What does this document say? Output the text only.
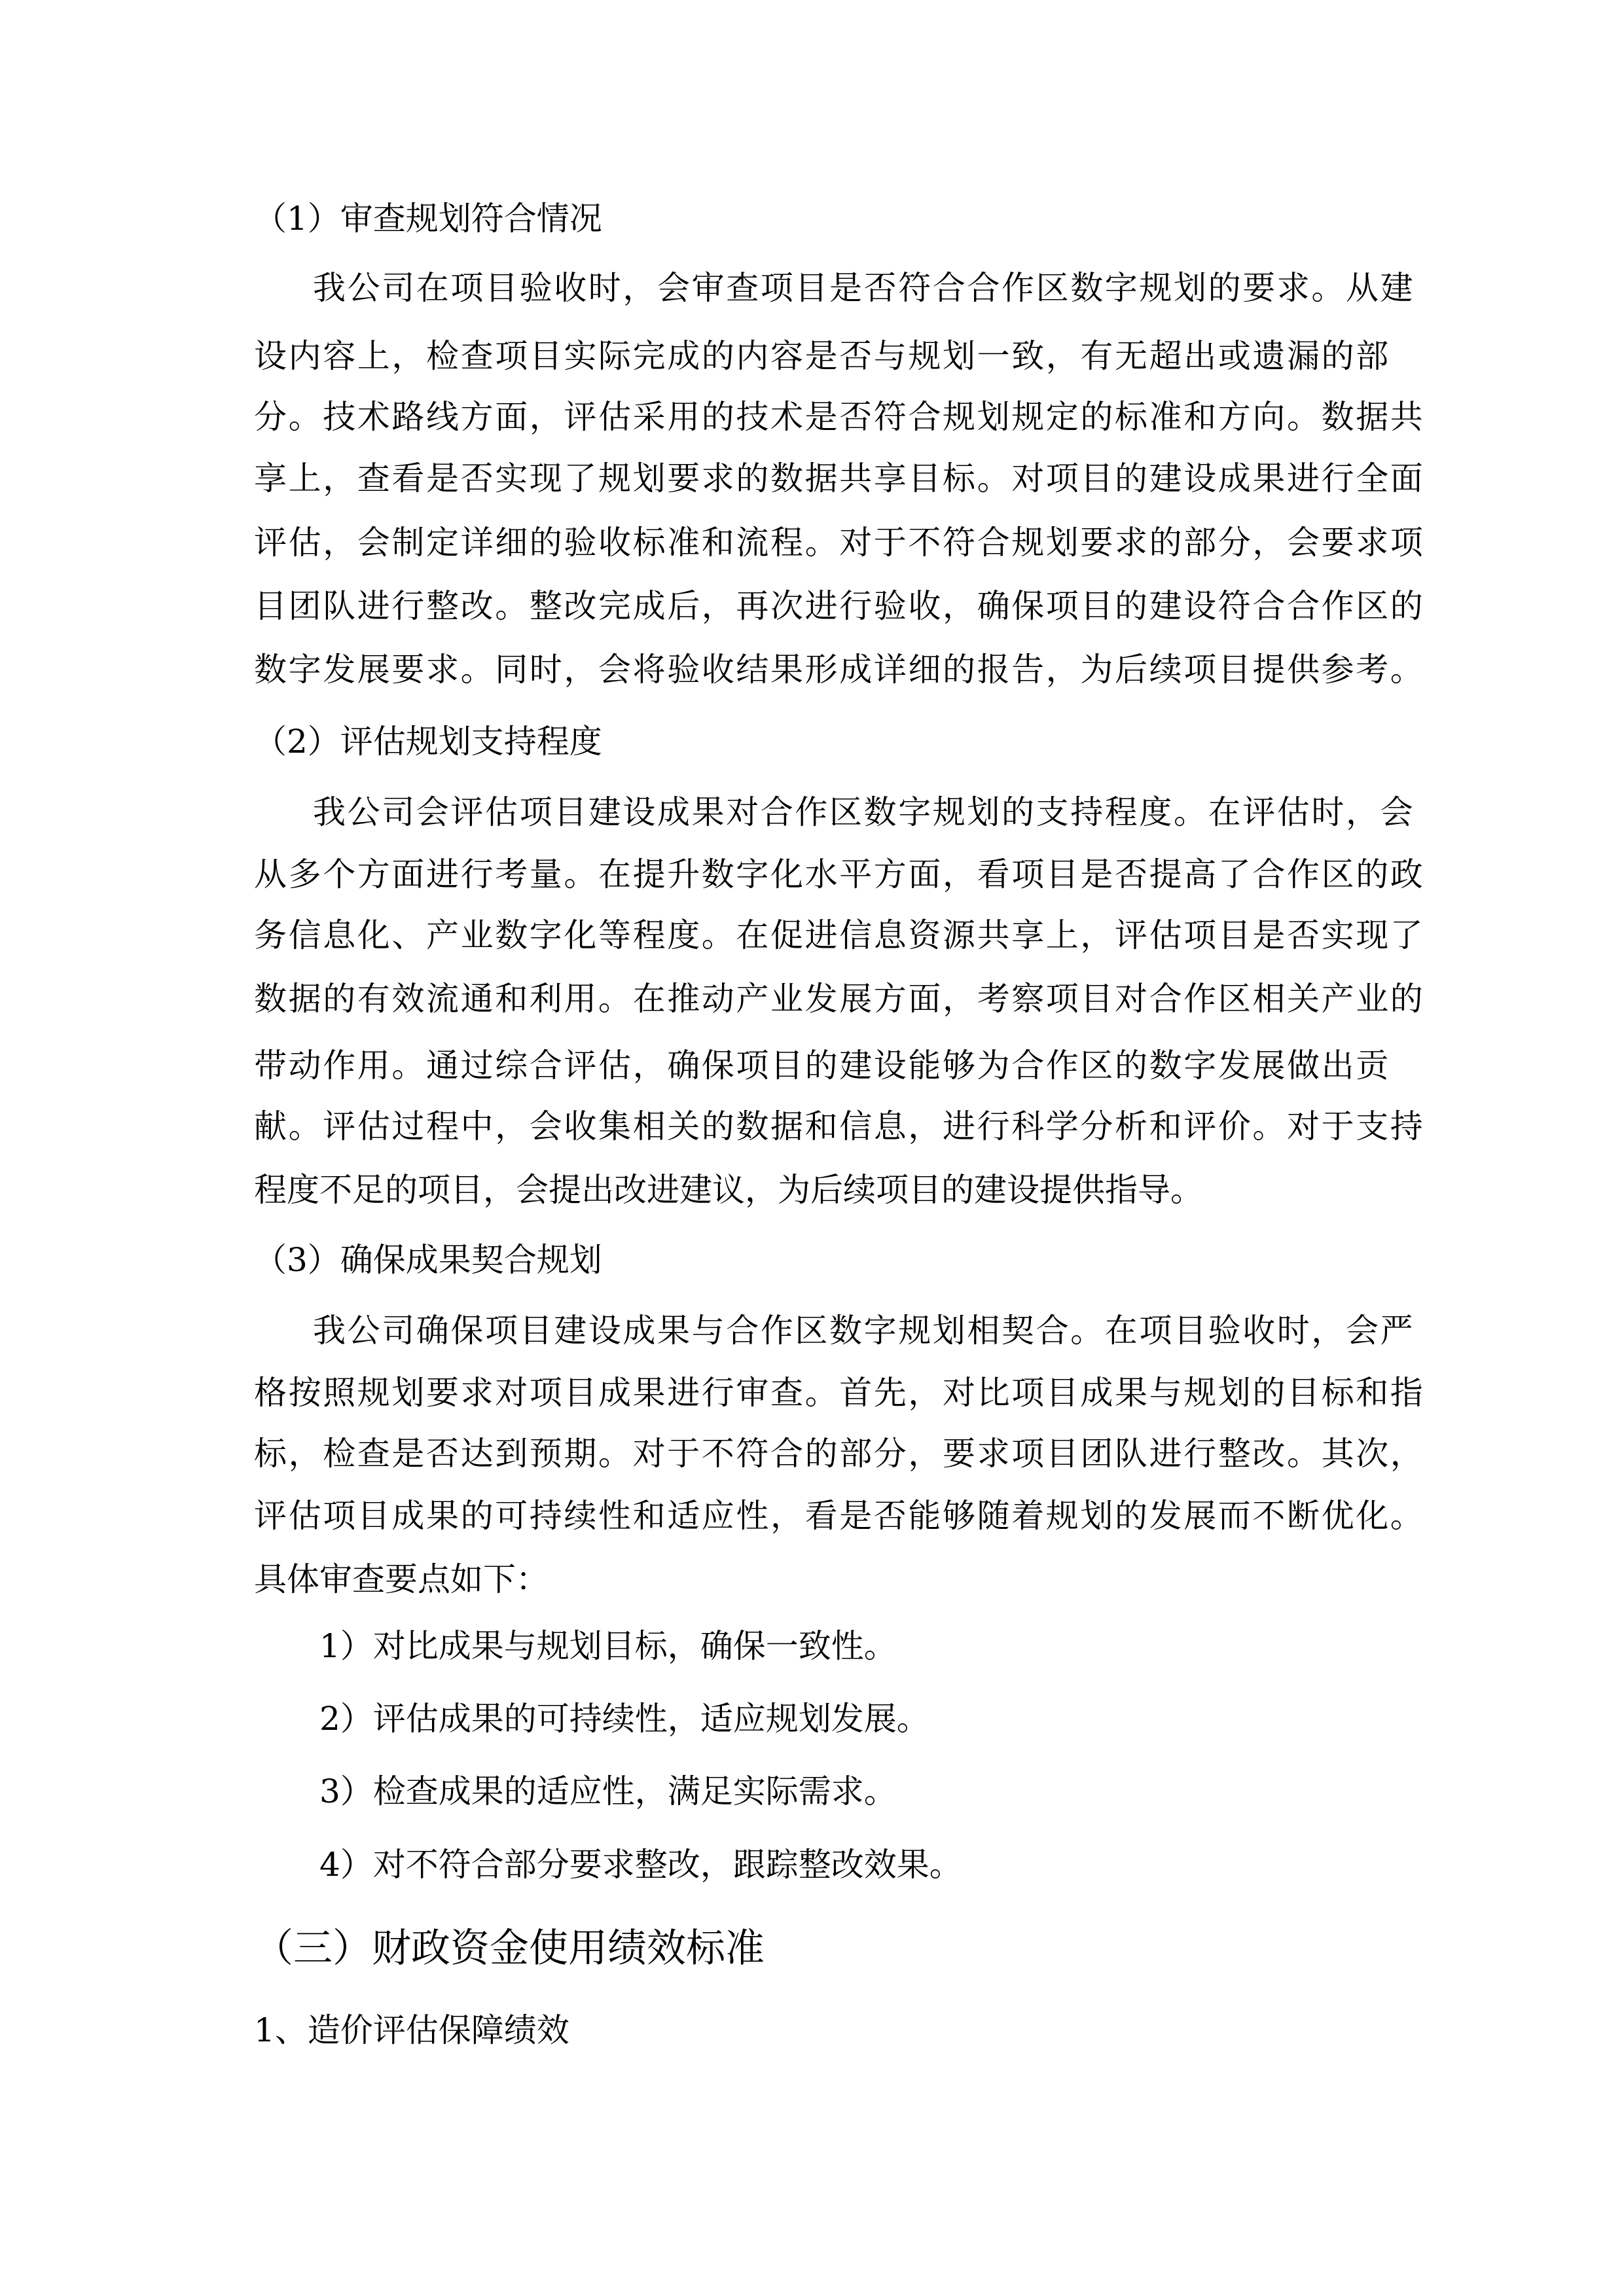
（1）审查规划符合情况
我公司在项目验收时，会审查项目是否符合合作区数字规划的要求。从建
设内容上，检查项目实际完成的内容是否与规划一致，有无超出或遗漏的部
分。技术路线方面，评估采用的技术是否符合规划规定的标准和方向。数据共
享上，查看是否实现了规划要求的数据共享目标。对项目的建设成果进行全面
评估，会制定详细的验收标准和流程。对于不符合规划要求的部分，会要求项
目团队进行整改。整改完成后，再次进行验收，确保项目的建设符合合作区的
数字发展要求。同时，会将验收结果形成详细的报告，为后续项目提供参考。
（2）评估规划支持程度
我公司会评估项目建设成果对合作区数字规划的支持程度。在评估时，会
从多个方面进行考量。在提升数字化水平方面，看项目是否提高了合作区的政
务信息化、产业数字化等程度。在促进信息资源共享上，评估项目是否实现了
数据的有效流通和利用。在推动产业发展方面，考察项目对合作区相关产业的
带动作用。通过综合评估，确保项目的建设能够为合作区的数字发展做出贡
献。评估过程中，会收集相关的数据和信息，进行科学分析和评价。对于支持
程度不足的项目，会提出改进建议，为后续项目的建设提供指导。
（3）确保成果契合规划
我公司确保项目建设成果与合作区数字规划相契合。在项目验收时，会严
格按照规划要求对项目成果进行审查。首先，对比项目成果与规划的目标和指
标，检查是否达到预期。对于不符合的部分，要求项目团队进行整改。其次，
评估项目成果的可持续性和适应性，看是否能够随着规划的发展而不断优化。
具体审查要点如下：
1）对比成果与规划目标，确保一致性。
2）评估成果的可持续性，适应规划发展。
3）检查成果的适应性，满足实际需求。
4）对不符合部分要求整改，跟踪整改效果。
（三）财政资金使用绩效标准
1、造价评估保障绩效
